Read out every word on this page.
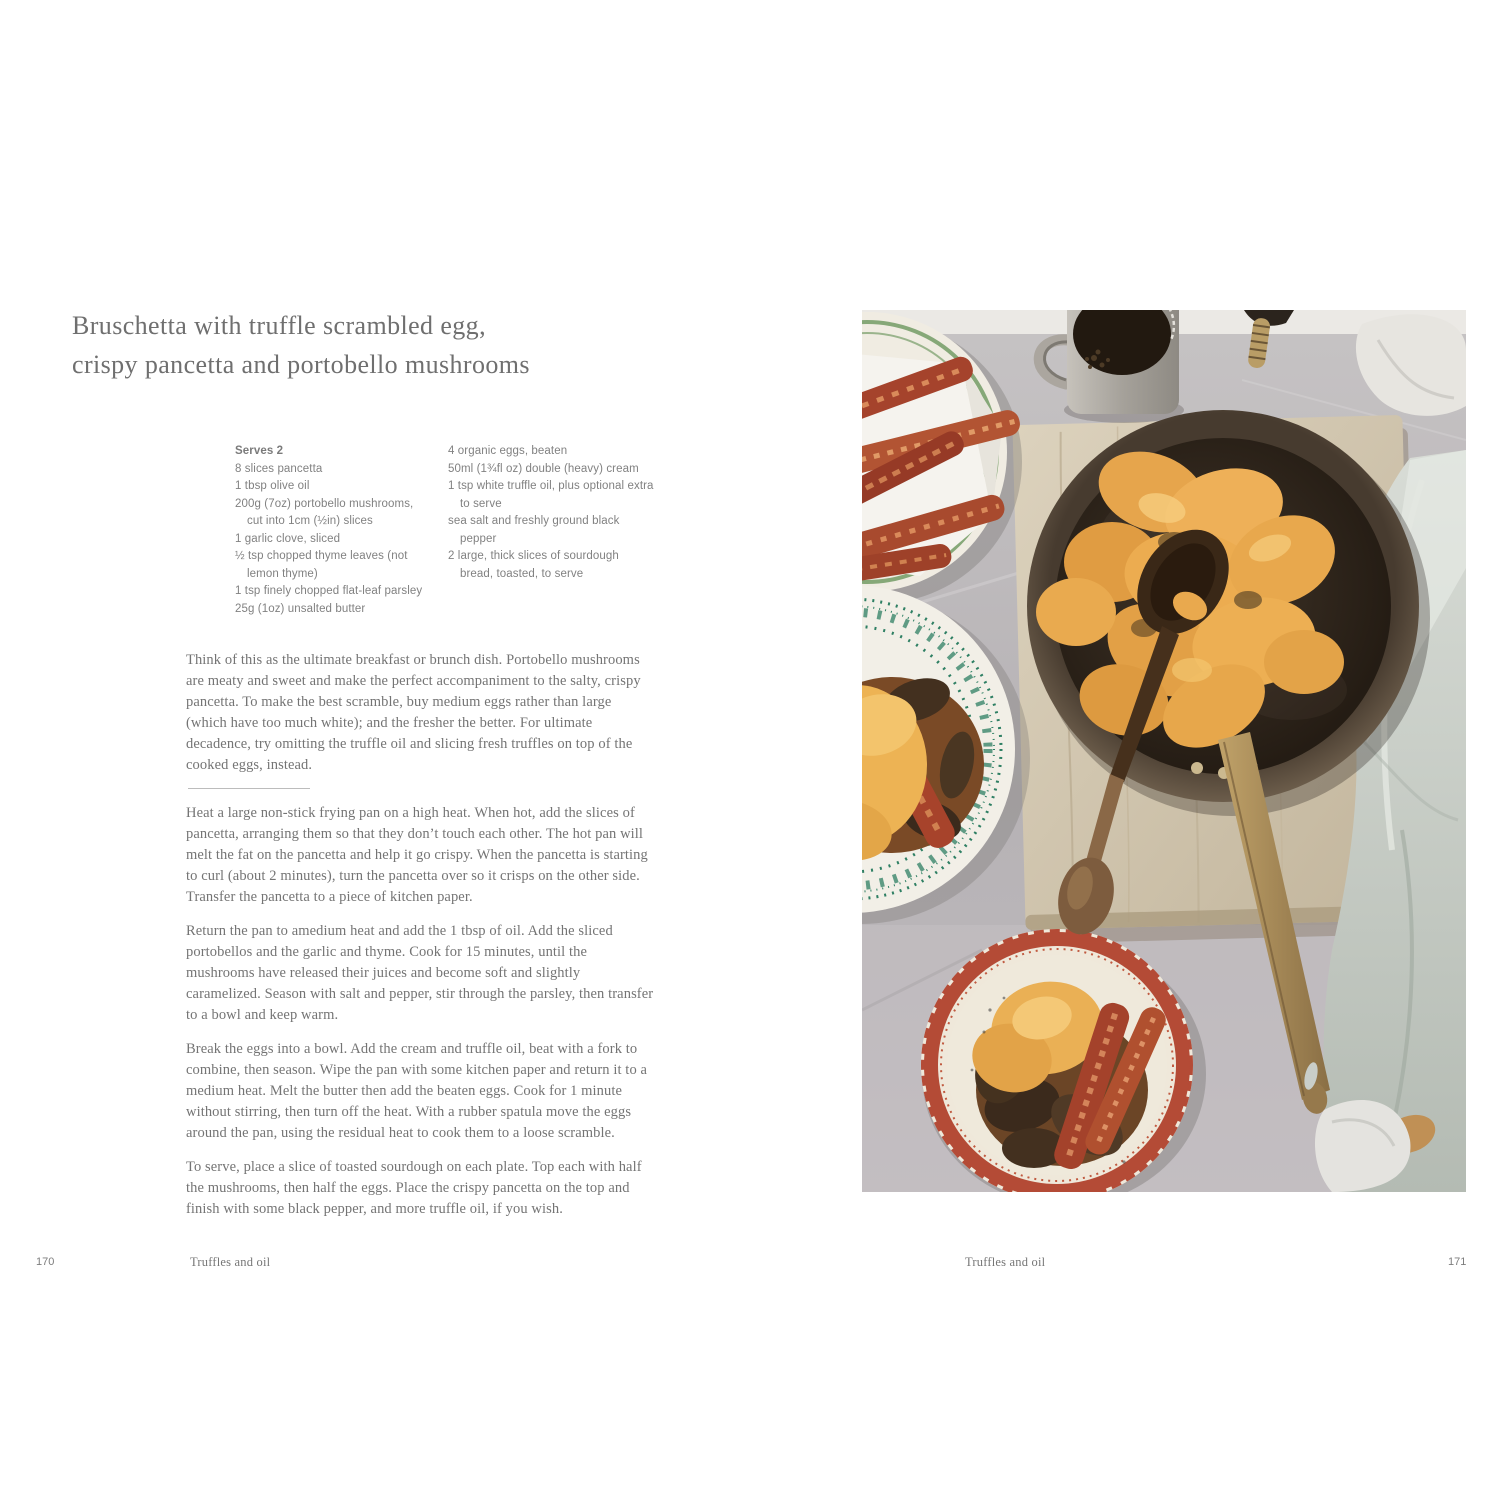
Bruschetta with truffle scrambled egg,
crispy pancetta and portobello mushrooms
Serves 2
8 slices pancetta
1 tbsp olive oil
200g (7oz) portobello mushrooms, cut into 1cm (½in) slices
1 garlic clove, sliced
½ tsp chopped thyme leaves (not lemon thyme)
1 tsp finely chopped flat-leaf parsley
25g (1oz) unsalted butter
4 organic eggs, beaten
50ml (1¾fl oz) double (heavy) cream
1 tsp white truffle oil, plus optional extra to serve
sea salt and freshly ground black pepper
2 large, thick slices of sourdough bread, toasted, to serve

Think of this as the ultimate breakfast or brunch dish. Portobello mushrooms are meaty and sweet and make the perfect accompaniment to the salty, crispy pancetta. To make the best scramble, buy medium eggs rather than large (which have too much white); and the fresher the better. For ultimate decadence, try omitting the truffle oil and slicing fresh truffles on top of the cooked eggs, instead.

Heat a large non-stick frying pan on a high heat. When hot, add the slices of pancetta, arranging them so that they don’t touch each other. The hot pan will melt the fat on the pancetta and help it go crispy. When the pancetta is starting to curl (about 2 minutes), turn the pancetta over so it crisps on the other side. Transfer the pancetta to a piece of kitchen paper.

Return the pan to amedium heat and add the 1 tbsp of oil. Add the sliced portobellos and the garlic and thyme. Cook for 15 minutes, until the mushrooms have released their juices and become soft and slightly caramelized. Season with salt and pepper, stir through the parsley, then transfer to a bowl and keep warm.

Break the eggs into a bowl. Add the cream and truffle oil, beat with a fork to combine, then season. Wipe the pan with some kitchen paper and return it to a medium heat. Melt the butter then add the beaten eggs. Cook for 1 minute without stirring, then turn off the heat. With a rubber spatula move the eggs around the pan, using the residual heat to cook them to a loose scramble.

To serve, place a slice of toasted sourdough on each plate. Top each with half the mushrooms, then half the eggs. Place the crispy pancetta on the top and finish with some black pepper, and more truffle oil, if you wish.

170	Truffles and oil	Truffles and oil	171
